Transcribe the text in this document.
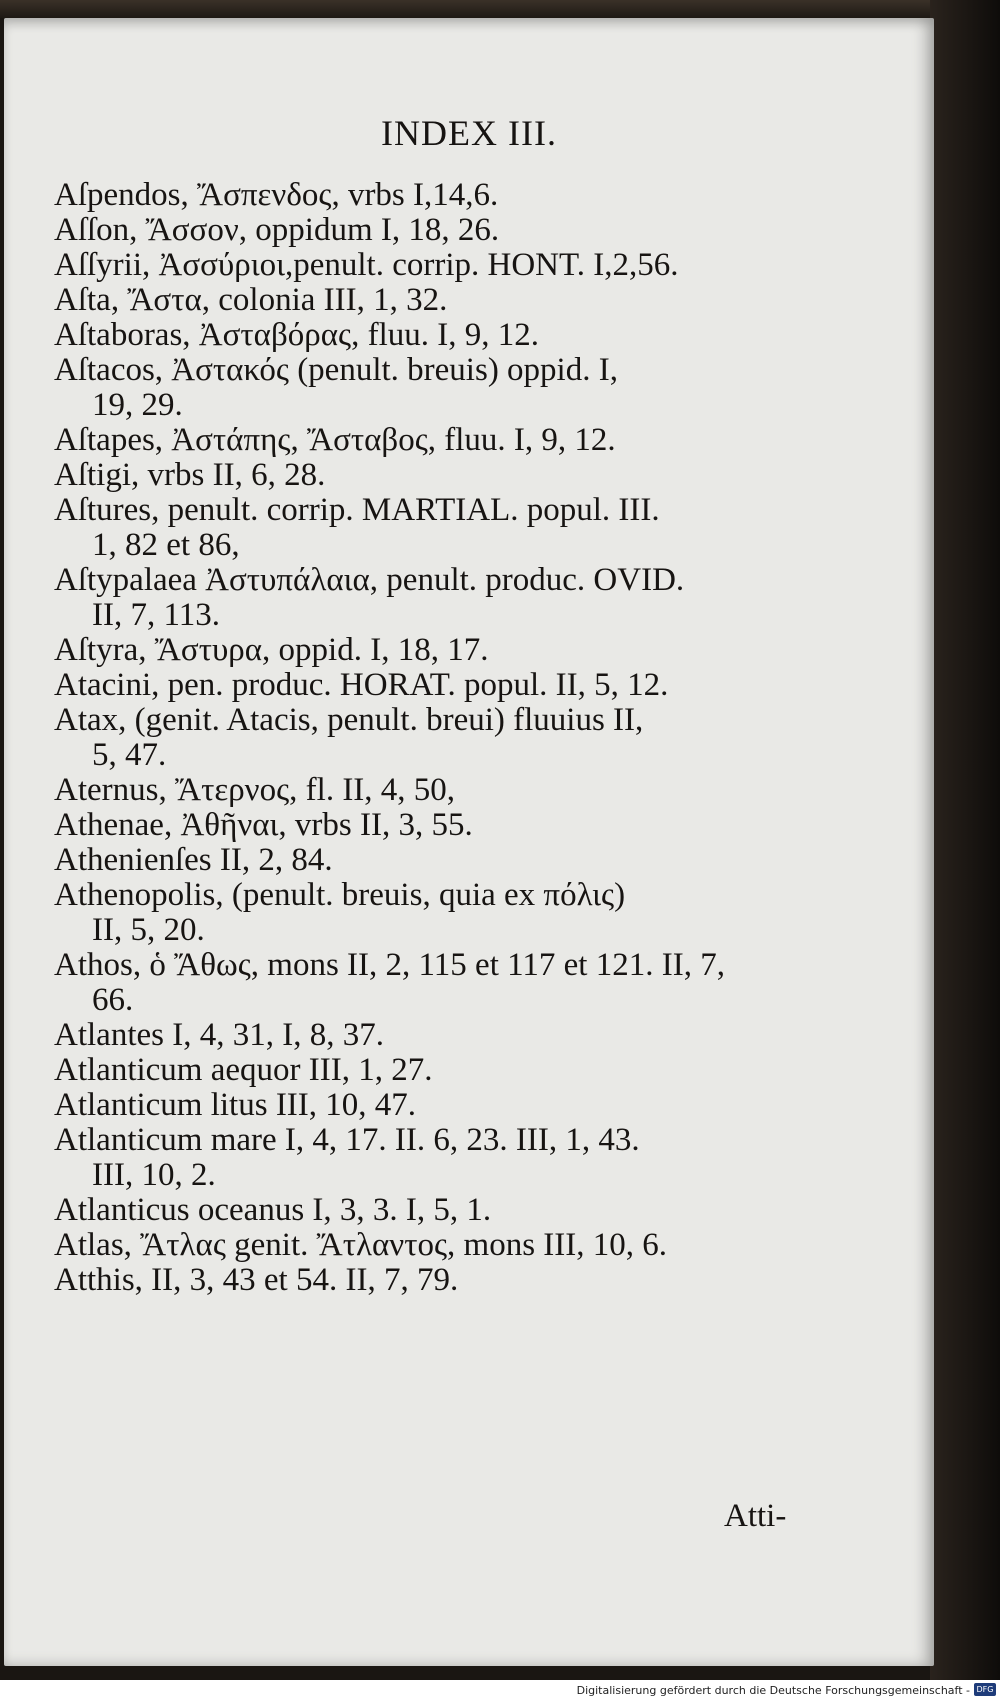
INDEX III.
Aſpendos, Ἄσπενδος, vrbs I,14,6.
Aſſon, Ἄσσον, oppidum I, 18, 26.
Aſſyrii, Ἀσσύριοι,penult. corrip. HONT. I,2,56.
Aſta, Ἄστα, colonia III, 1, 32.
Aſtaboras, Ἀσταβόρας, fluu. I, 9, 12.
Aſtacos, Ἀστακός (penult. breuis) oppid. I,
19, 29.
Aſtapes, Ἀστάπης, Ἄσταβος, fluu. I, 9, 12.
Aſtigi, vrbs II, 6, 28.
Aſtures, penult. corrip. MARTIAL. popul. III.
1, 82 et 86,
Aſtypalaea Ἀστυπάλαια, penult. produc. OVID.
II, 7, 113.
Aſtyra, Ἄστυρα, oppid. I, 18, 17.
Atacini, pen. produc. HORAT. popul. II, 5, 12.
Atax, (genit. Atacis, penult. breui) fluuius II,
5, 47.
Aternus, Ἄτερνος, fl. II, 4, 50,
Athenae, Ἀθῆναι, vrbs II, 3, 55.
Athenienſes II, 2, 84.
Athenopolis, (penult. breuis, quia ex πόλις)
II, 5, 20.
Athos, ὁ Ἄθως, mons II, 2, 115 et 117 et 121. II, 7,
66.
Atlantes I, 4, 31, I, 8, 37.
Atlanticum aequor III, 1, 27.
Atlanticum litus III, 10, 47.
Atlanticum mare I, 4, 17. II. 6, 23. III, 1, 43.
III, 10, 2.
Atlanticus oceanus I, 3, 3. I, 5, 1.
Atlas, Ἄτλας genit. Ἄτλαντος, mons III, 10, 6.
Atthis, II, 3, 43 et 54. II, 7, 79.
Atti-
Digitalisierung gefördert durch die Deutsche Forschungsgemeinschaft - DFG
